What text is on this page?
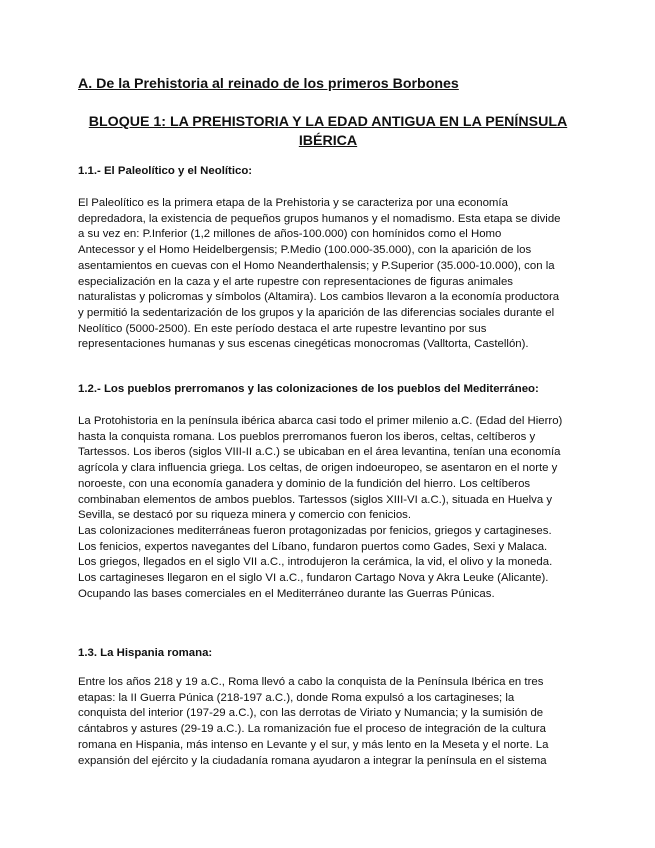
A. De la Prehistoria al reinado de los primeros Borbones
BLOQUE 1: LA PREHISTORIA Y LA EDAD ANTIGUA EN LA PENÍNSULA
IBÉRICA
1.1.- El Paleolítico y el Neolítico:
El Paleolítico es la primera etapa de la Prehistoria y se caracteriza por una economía
depredadora, la existencia de pequeños grupos humanos y el nomadismo. Esta etapa se divide
a su vez en: P.Inferior (1,2 millones de años-100.000) con homínidos como el Homo
Antecessor y el Homo Heidelbergensis; P.Medio (100.000-35.000), con la aparición de los
asentamientos en cuevas con el Homo Neanderthalensis; y P.Superior (35.000-10.000), con la
especialización en la caza y el arte rupestre con representaciones de figuras animales
naturalistas y policromas y símbolos (Altamira). Los cambios llevaron a la economía productora
y permitió la sedentarización de los grupos y la aparición de las diferencias sociales durante el
Neolítico (5000-2500). En este período destaca el arte rupestre levantino por sus
representaciones humanas y sus escenas cinegéticas monocromas (Valltorta, Castellón).
1.2.- Los pueblos prerromanos y las colonizaciones de los pueblos del Mediterráneo:
La Protohistoria en la península ibérica abarca casi todo el primer milenio a.C. (Edad del Hierro)
hasta la conquista romana. Los pueblos prerromanos fueron los iberos, celtas, celtíberos y
Tartessos. Los iberos (siglos VIII-II a.C.) se ubicaban en el área levantina, tenían una economía
agrícola y clara influencia griega. Los celtas, de origen indoeuropeo, se asentaron en el norte y
noroeste, con una economía ganadera y dominio de la fundición del hierro. Los celtíberos
combinaban elementos de ambos pueblos. Tartessos (siglos XIII-VI a.C.), situada en Huelva y
Sevilla, se destacó por su riqueza minera y comercio con fenicios.
Las colonizaciones mediterráneas fueron protagonizadas por fenicios, griegos y cartagineses.
Los fenicios, expertos navegantes del Líbano, fundaron puertos como Gades, Sexi y Malaca.
Los griegos, llegados en el siglo VII a.C., introdujeron la cerámica, la vid, el olivo y la moneda.
Los cartagineses llegaron en el siglo VI a.C., fundaron Cartago Nova y Akra Leuke (Alicante).
Ocupando las bases comerciales en el Mediterráneo durante las Guerras Púnicas.
1.3. La Hispania romana:
Entre los años 218 y 19 a.C., Roma llevó a cabo la conquista de la Península Ibérica en tres
etapas: la II Guerra Púnica (218-197 a.C.), donde Roma expulsó a los cartagineses; la
conquista del interior (197-29 a.C.), con las derrotas de Viriato y Numancia; y la sumisión de
cántabros y astures (29-19 a.C.). La romanización fue el proceso de integración de la cultura
romana en Hispania, más intenso en Levante y el sur, y más lento en la Meseta y el norte. La
expansión del ejército y la ciudadanía romana ayudaron a integrar la península en el sistema
